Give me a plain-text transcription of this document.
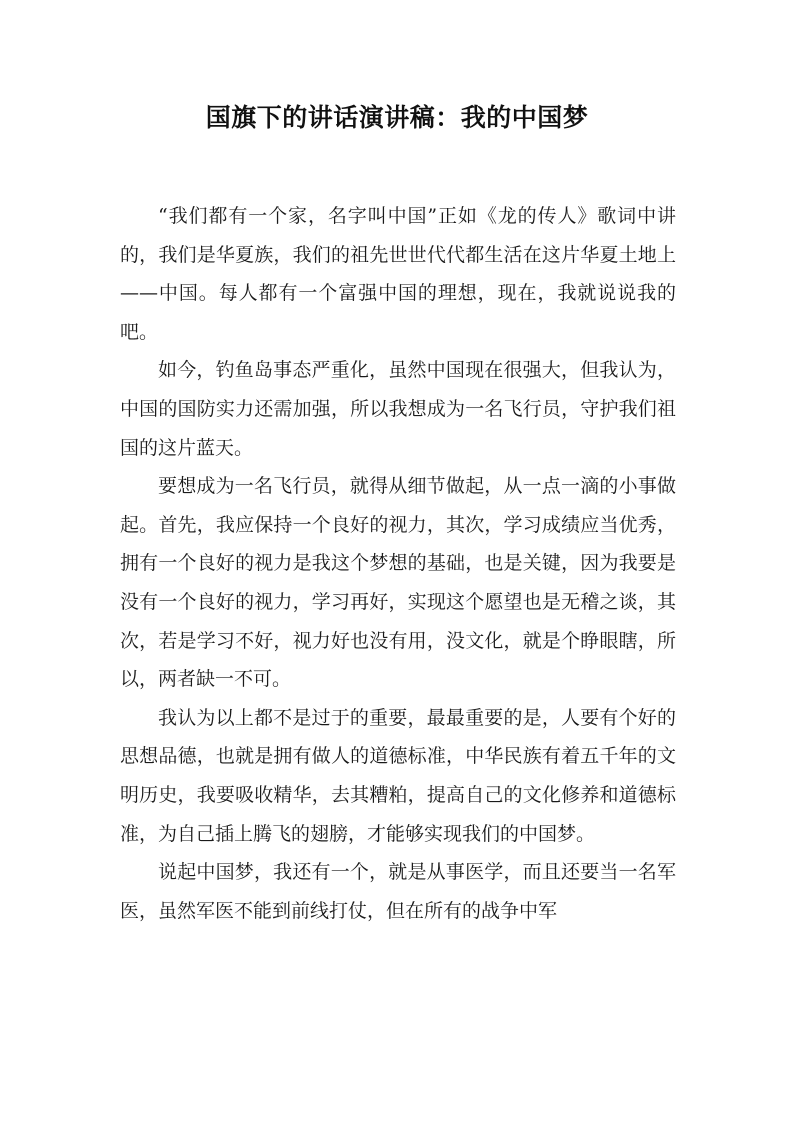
国旗下的讲话演讲稿：我的中国梦

“我们都有一个家，名字叫中国”正如《龙的传人》歌词中讲的，我们是华夏族，我们的祖先世世代代都生活在这片华夏土地上——中国。每人都有一个富强中国的理想，现在，我就说说我的吧。

如今，钓鱼岛事态严重化，虽然中国现在很强大，但我认为，中国的国防实力还需加强，所以我想成为一名飞行员，守护我们祖国的这片蓝天。

要想成为一名飞行员，就得从细节做起，从一点一滴的小事做起。首先，我应保持一个良好的视力，其次，学习成绩应当优秀，拥有一个良好的视力是我这个梦想的基础，也是关键，因为我要是没有一个良好的视力，学习再好，实现这个愿望也是无稽之谈，其次，若是学习不好，视力好也没有用，没文化，就是个睁眼瞎，所以，两者缺一不可。

我认为以上都不是过于的重要，最最重要的是，人要有个好的思想品德，也就是拥有做人的道德标准，中华民族有着五千年的文明历史，我要吸收精华，去其糟粕，提高自己的文化修养和道德标准，为自己插上腾飞的翅膀，才能够实现我们的中国梦。

说起中国梦，我还有一个，就是从事医学，而且还要当一名军医，虽然军医不能到前线打仗，但在所有的战争中军
